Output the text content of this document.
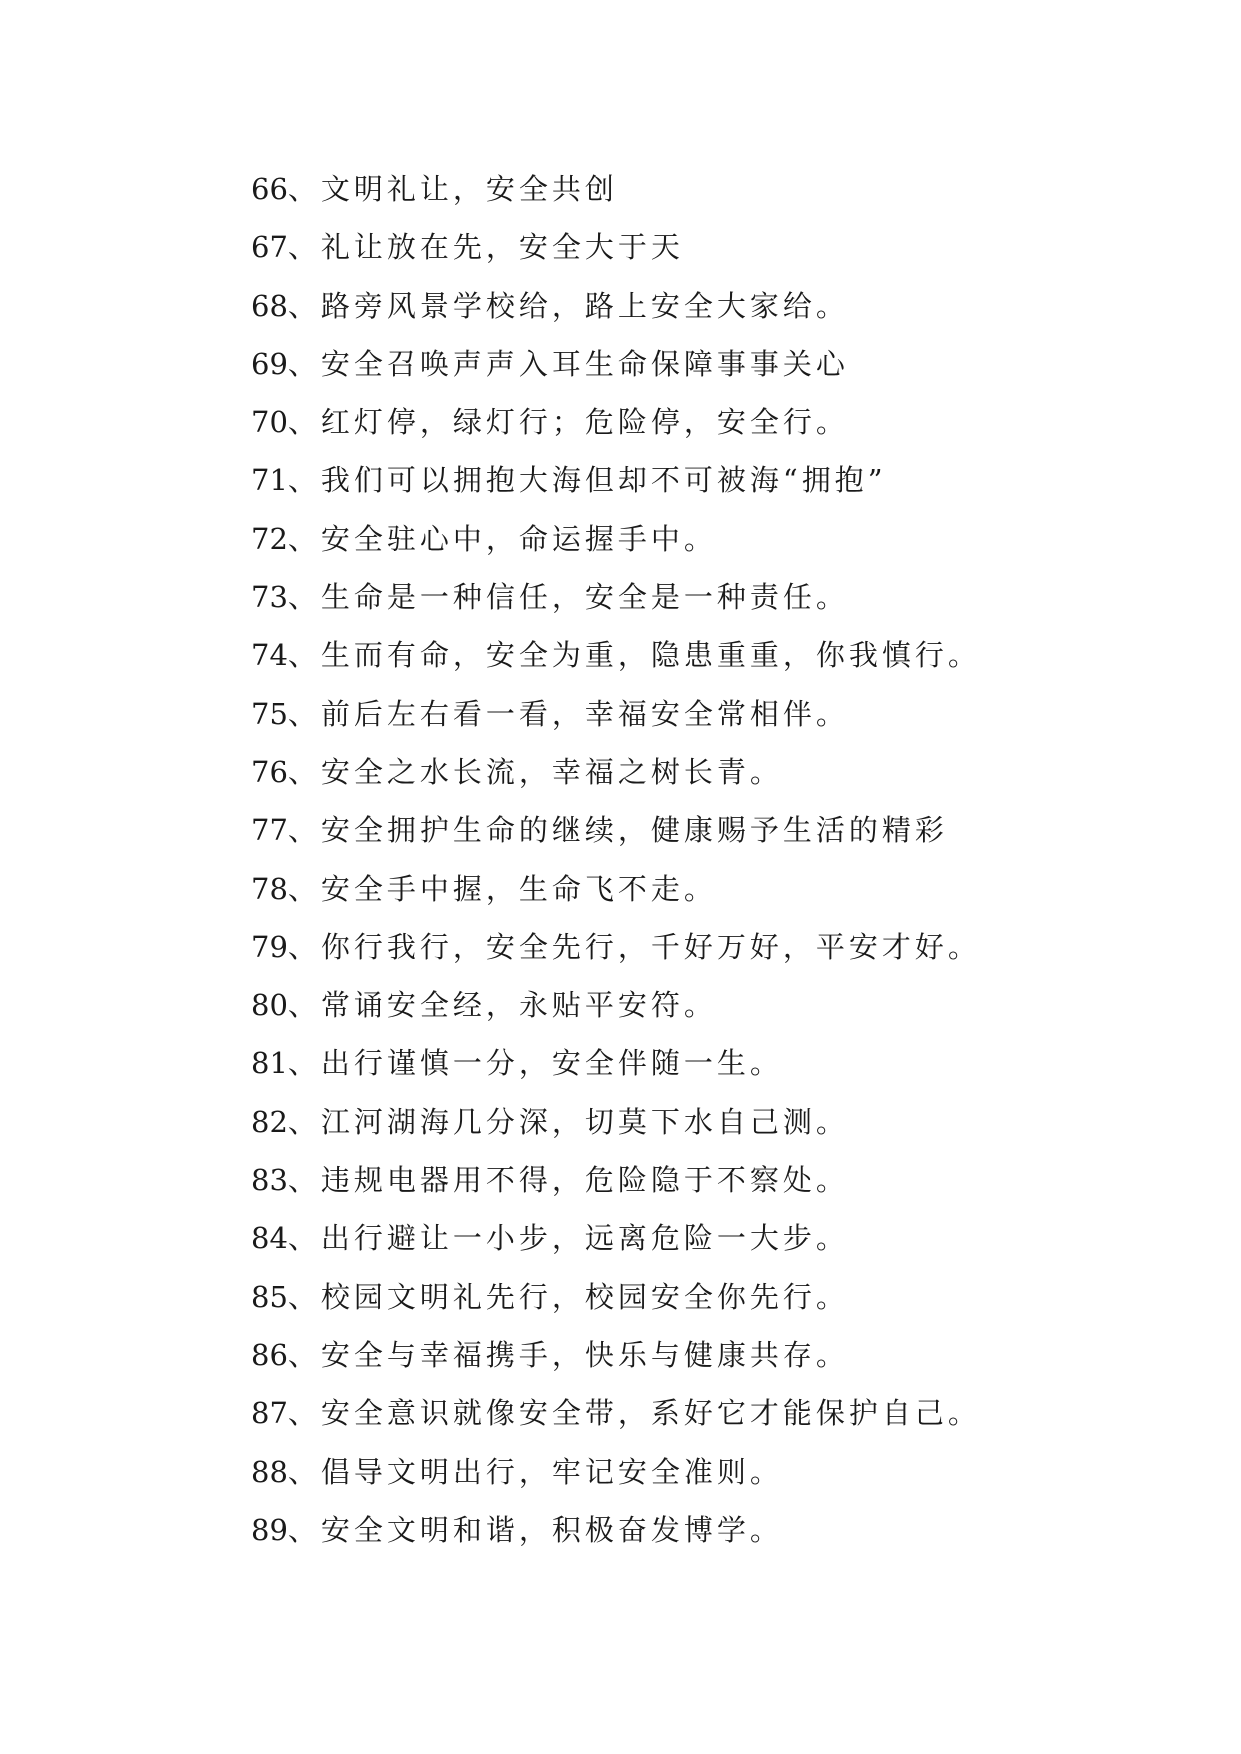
66、文明礼让，安全共创
67、礼让放在先，安全大于天
68、路旁风景学校给，路上安全大家给。
69、安全召唤声声入耳生命保障事事关心
70、红灯停，绿灯行；危险停，安全行。
71、我们可以拥抱大海但却不可被海“拥抱”
72、安全驻心中，命运握手中。
73、生命是一种信任，安全是一种责任。
74、生而有命，安全为重，隐患重重，你我慎行。
75、前后左右看一看，幸福安全常相伴。
76、安全之水长流，幸福之树长青。
77、安全拥护生命的继续，健康赐予生活的精彩
78、安全手中握，生命飞不走。
79、你行我行，安全先行，千好万好，平安才好。
80、常诵安全经，永贴平安符。
81、出行谨慎一分，安全伴随一生。
82、江河湖海几分深，切莫下水自己测。
83、违规电器用不得，危险隐于不察处。
84、出行避让一小步，远离危险一大步。
85、校园文明礼先行，校园安全你先行。
86、安全与幸福携手，快乐与健康共存。
87、安全意识就像安全带，系好它才能保护自己。
88、倡导文明出行，牢记安全准则。
89、安全文明和谐，积极奋发博学。
